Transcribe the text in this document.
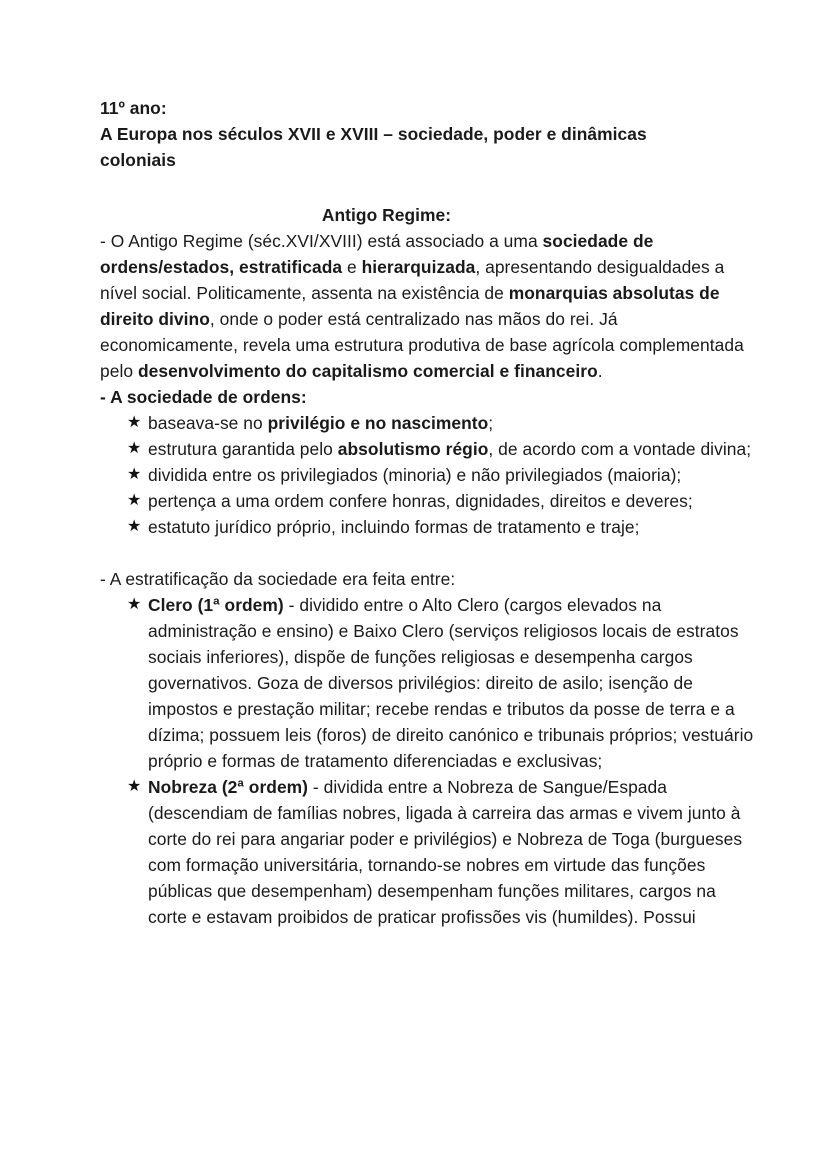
11º ano:
A Europa nos séculos XVII e XVIII – sociedade, poder e dinâmicas
coloniais
Antigo Regime:

- O Antigo Regime (séc.XVI/XVIII) está associado a uma sociedade de ordens/estados, estratificada e hierarquizada, apresentando desigualdades a nível social. Politicamente, assenta na existência de monarquias absolutas de direito divino, onde o poder está centralizado nas mãos do rei. Já economicamente, revela uma estrutura produtiva de base agrícola complementada pelo desenvolvimento do capitalismo comercial e financeiro.

- A sociedade de ordens:

★ baseava-se no privilégio e no nascimento;
★ estrutura garantida pelo absolutismo régio, de acordo com a vontade divina;
★ dividida entre os privilegiados (minoria) e não privilegiados (maioria);
★ pertença a uma ordem confere honras, dignidades, direitos e deveres;
★ estatuto jurídico próprio, incluindo formas de tratamento e traje;

- A estratificação da sociedade era feita entre:

★ Clero (1ª ordem) - dividido entre o Alto Clero (cargos elevados na administração e ensino) e Baixo Clero (serviços religiosos locais de estratos sociais inferiores), dispõe de funções religiosas e desempenha cargos governativos. Goza de diversos privilégios: direito de asilo; isenção de impostos e prestação militar; recebe rendas e tributos da posse de terra e a dízima; possuem leis (foros) de direito canónico e tribunais próprios; vestuário próprio e formas de tratamento diferenciadas e exclusivas;
★ Nobreza (2ª ordem) - dividida entre a Nobreza de Sangue/Espada (descendiam de famílias nobres, ligada à carreira das armas e vivem junto à corte do rei para angariar poder e privilégios) e Nobreza de Toga (burgueses com formação universitária, tornando-se nobres em virtude das funções públicas que desempenham) desempenham funções militares, cargos na corte e estavam proibidos de praticar profissões vis (humildes). Possui
